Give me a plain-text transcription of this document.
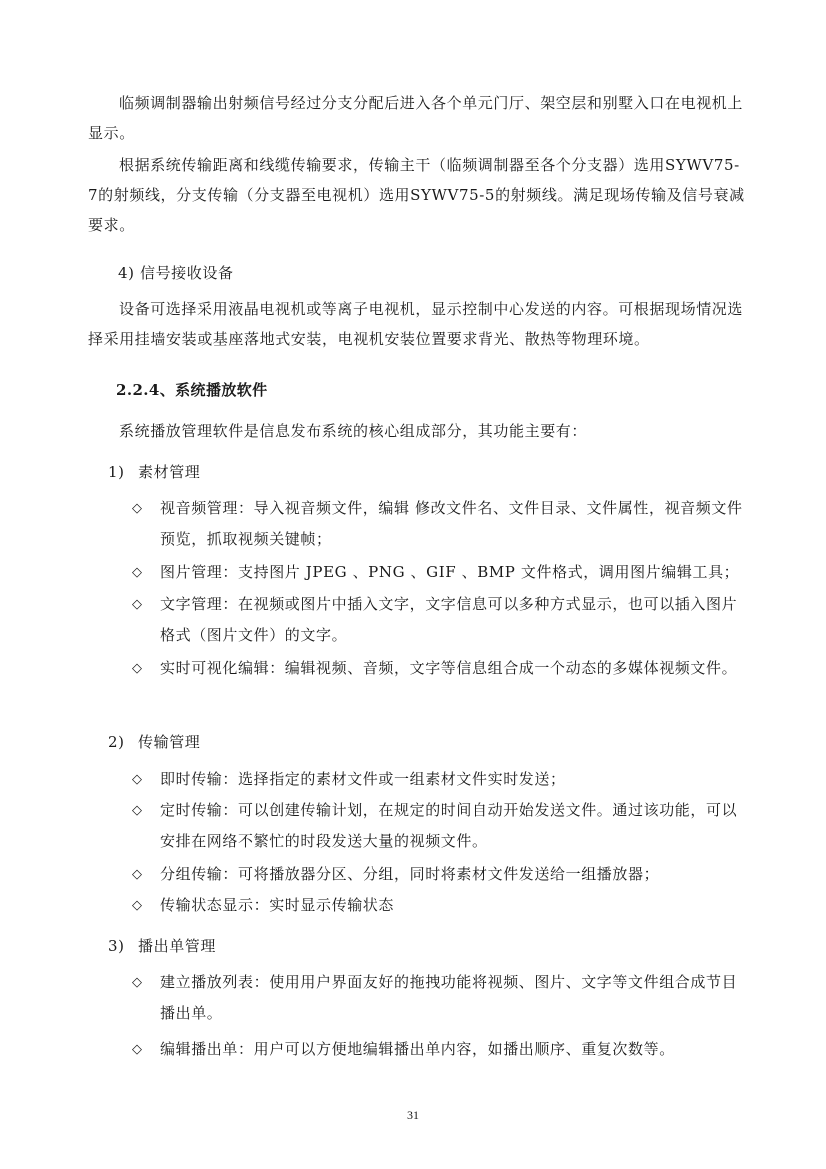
临频调制器输出射频信号经过分支分配后进入各个单元门厅、架空层和别墅入口在电视机上显示。

根据系统传输距离和线缆传输要求，传输主干（临频调制器至各个分支器）选用SYWV75-7的射频线，分支传输（分支器至电视机）选用SYWV75-5的射频线。满足现场传输及信号衰减要求。

4) 信号接收设备

设备可选择采用液晶电视机或等离子电视机，显示控制中心发送的内容。可根据现场情况选择采用挂墙安装或基座落地式安装，电视机安装位置要求背光、散热等物理环境。

2.2.4、系统播放软件

系统播放管理软件是信息发布系统的核心组成部分，其功能主要有：

1) 素材管理

◇ 视音频管理：导入视音频文件，编辑 修改文件名、文件目录、文件属性，视音频文件预览，抓取视频关键帧；
◇ 图片管理：支持图片 JPEG 、PNG 、GIF 、BMP 文件格式，调用图片编辑工具；
◇ 文字管理：在视频或图片中插入文字，文字信息可以多种方式显示，也可以插入图片格式（图片文件）的文字。
◇ 实时可视化编辑：编辑视频、音频，文字等信息组合成一个动态的多媒体视频文件。

2) 传输管理

◇ 即时传输：选择指定的素材文件或一组素材文件实时发送；
◇ 定时传输：可以创建传输计划，在规定的时间自动开始发送文件。通过该功能，可以安排在网络不繁忙的时段发送大量的视频文件。
◇ 分组传输：可将播放器分区、分组，同时将素材文件发送给一组播放器；
◇ 传输状态显示：实时显示传输状态

3) 播出单管理

◇ 建立播放列表：使用用户界面友好的拖拽功能将视频、图片、文字等文件组合成节目播出单。
◇ 编辑播出单：用户可以方便地编辑播出单内容，如播出顺序、重复次数等。
31
